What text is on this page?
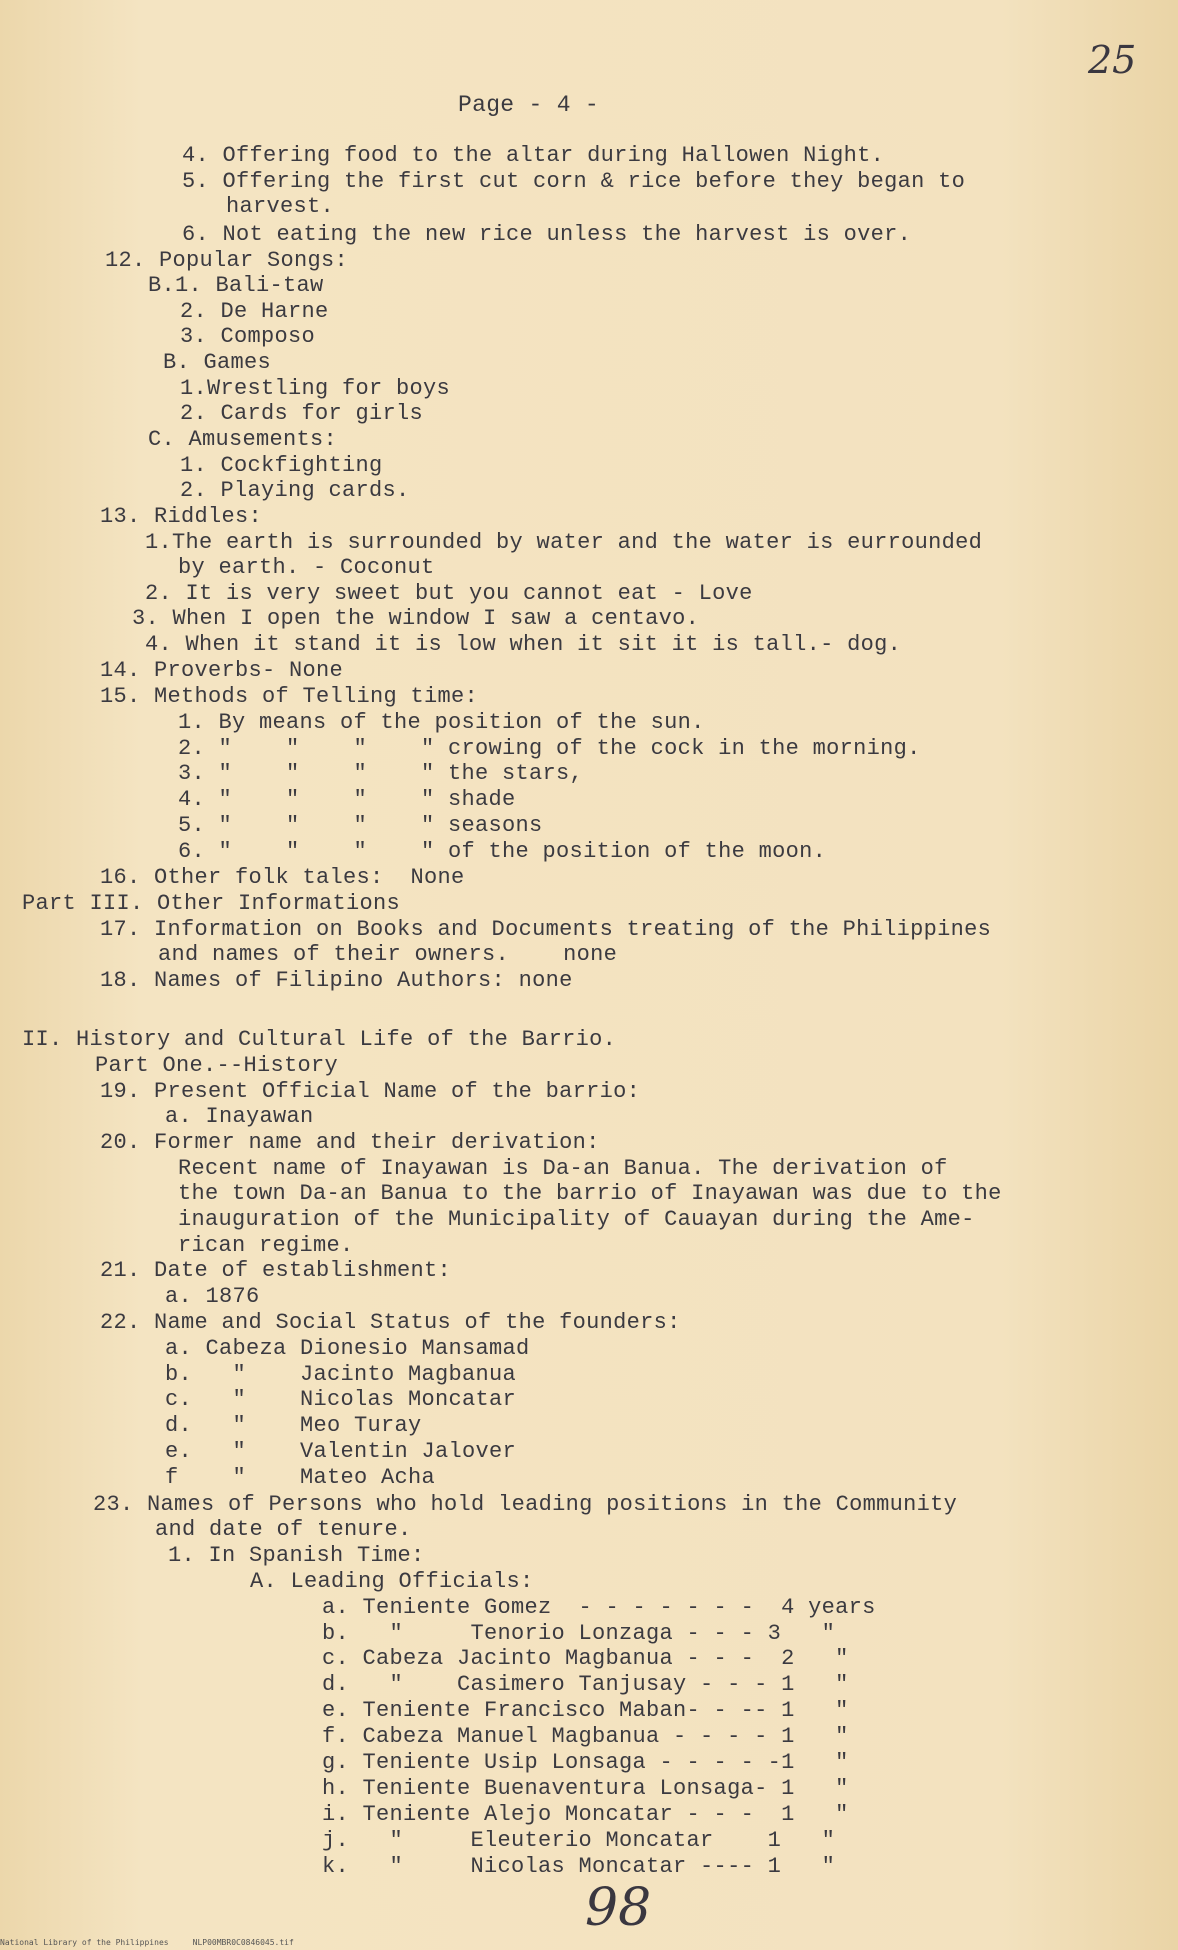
25
Page - 4 -
4. Offering food to the altar during Hallowen Night.
5. Offering the first cut corn & rice before they began to
harvest.
6. Not eating the new rice unless the harvest is over.
12. Popular Songs:
B.1. Bali-taw
2. De Harne
3. Composo
B. Games
1.Wrestling for boys
2. Cards for girls
C. Amusements:
1. Cockfighting
2. Playing cards.
13. Riddles:
1.The earth is surrounded by water and the water is eurrounded
by earth. - Coconut
2. It is very sweet but you cannot eat - Love
3. When I open the window I saw a centavo.
4. When it stand it is low when it sit it is tall.- dog.
14. Proverbs- None
15. Methods of Telling time:
1. By means of the position of the sun.
2. "    "    "    " crowing of the cock in the morning.
3. "    "    "    " the stars,
4. "    "    "    " shade
5. "    "    "    " seasons
6. "    "    "    " of the position of the moon.
16. Other folk tales:  None
Part III. Other Informations
17. Information on Books and Documents treating of the Philippines
and names of their owners.    none
18. Names of Filipino Authors: none
II. History and Cultural Life of the Barrio.
Part One.--History
19. Present Official Name of the barrio:
a. Inayawan
20. Former name and their derivation:
Recent name of Inayawan is Da-an Banua. The derivation of
the town Da-an Banua to the barrio of Inayawan was due to the
inauguration of the Municipality of Cauayan during the Ame-
rican regime.
21. Date of establishment:
a. 1876
22. Name and Social Status of the founders:
a. Cabeza Dionesio Mansamad
b.   "    Jacinto Magbanua
c.   "    Nicolas Moncatar
d.   "    Meo Turay
e.   "    Valentin Jalover
f    "    Mateo Acha
23. Names of Persons who hold leading positions in the Community
and date of tenure.
1. In Spanish Time:
A. Leading Officials:
a. Teniente Gomez  - - - - - - -  4 years
b.   "     Tenorio Lonzaga - - - 3   "
c. Cabeza Jacinto Magbanua - - -  2   "
d.   "    Casimero Tanjusay - - - 1   "
e. Teniente Francisco Maban- - -- 1   "
f. Cabeza Manuel Magbanua - - - - 1   "
g. Teniente Usip Lonsaga - - - - -1   "
h. Teniente Buenaventura Lonsaga- 1   "
i. Teniente Alejo Moncatar - - -  1   "
j.   "     Eleuterio Moncatar    1   "
k.   "     Nicolas Moncatar ---- 1   "
98
National Library of the Philippines     NLP00MBR0C0846045.tif
